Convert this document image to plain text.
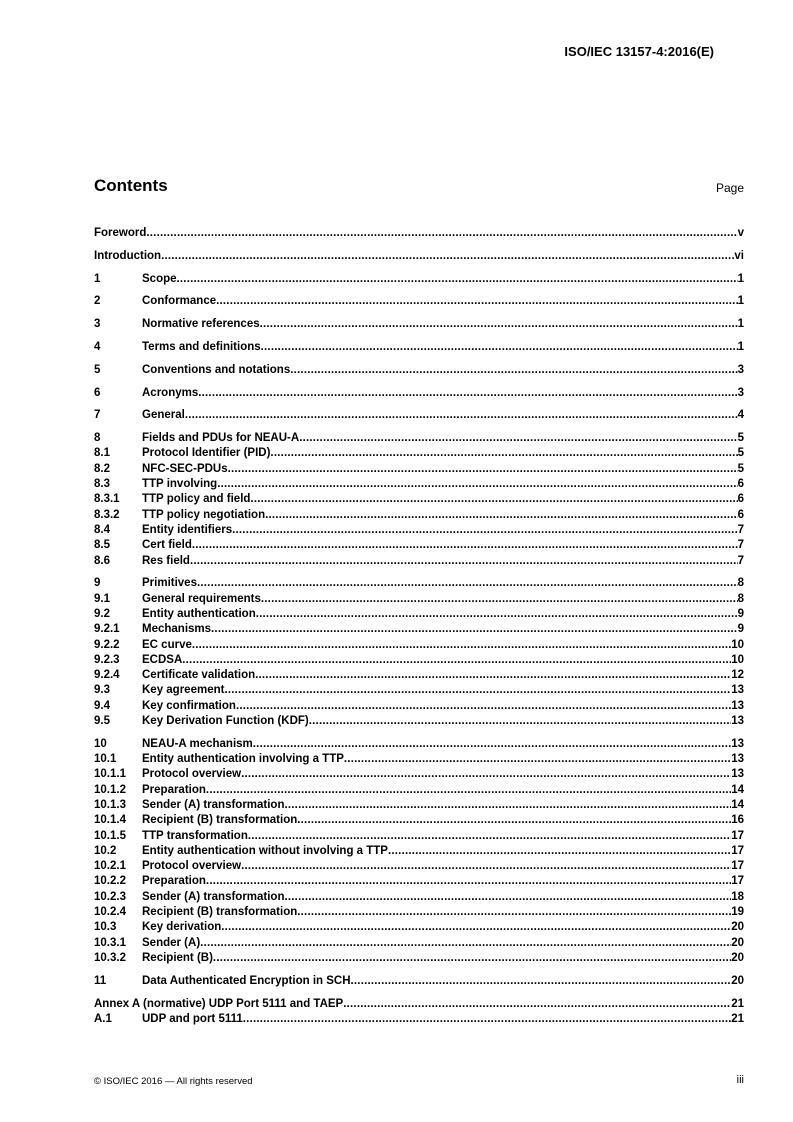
ISO/IEC 13157-4:2016(E)
Contents	Page
Foreword .....	v
Introduction .....	vi
1	Scope .....	1
2	Conformance .....	1
3	Normative references .....	1
4	Terms and definitions .....	1
5	Conventions and notations .....	3
6	Acronyms .....	3
7	General .....	4
8	Fields and PDUs for NEAU-A .....	5
8.1	Protocol Identifier (PID) .....	5
8.2	NFC-SEC-PDUs .....	5
8.3	TTP involving .....	6
8.3.1	TTP policy and field .....	6
8.3.2	TTP policy negotiation .....	6
8.4	Entity identifiers .....	7
8.5	Cert field .....	7
8.6	Res field .....	7
9	Primitives .....	8
9.1	General requirements .....	8
9.2	Entity authentication .....	9
9.2.1	Mechanisms .....	9
9.2.2	EC curve .....	10
9.2.3	ECDSA .....	10
9.2.4	Certificate validation .....	12
9.3	Key agreement .....	13
9.4	Key confirmation .....	13
9.5	Key Derivation Function (KDF) .....	13
10	NEAU-A mechanism .....	13
10.1	Entity authentication involving a TTP .....	13
10.1.1	Protocol overview .....	13
10.1.2	Preparation .....	14
10.1.3	Sender (A) transformation .....	14
10.1.4	Recipient (B) transformation .....	16
10.1.5	TTP transformation .....	17
10.2	Entity authentication without involving a TTP .....	17
10.2.1	Protocol overview .....	17
10.2.2	Preparation .....	17
10.2.3	Sender (A) transformation .....	18
10.2.4	Recipient (B) transformation .....	19
10.3	Key derivation .....	20
10.3.1	Sender (A) .....	20
10.3.2	Recipient (B) .....	20
11	Data Authenticated Encryption in SCH .....	20
Annex A (normative) UDP Port 5111 and TAEP .....	21
A.1	UDP and port 5111 .....	21
© ISO/IEC 2016 — All rights reserved	iii
